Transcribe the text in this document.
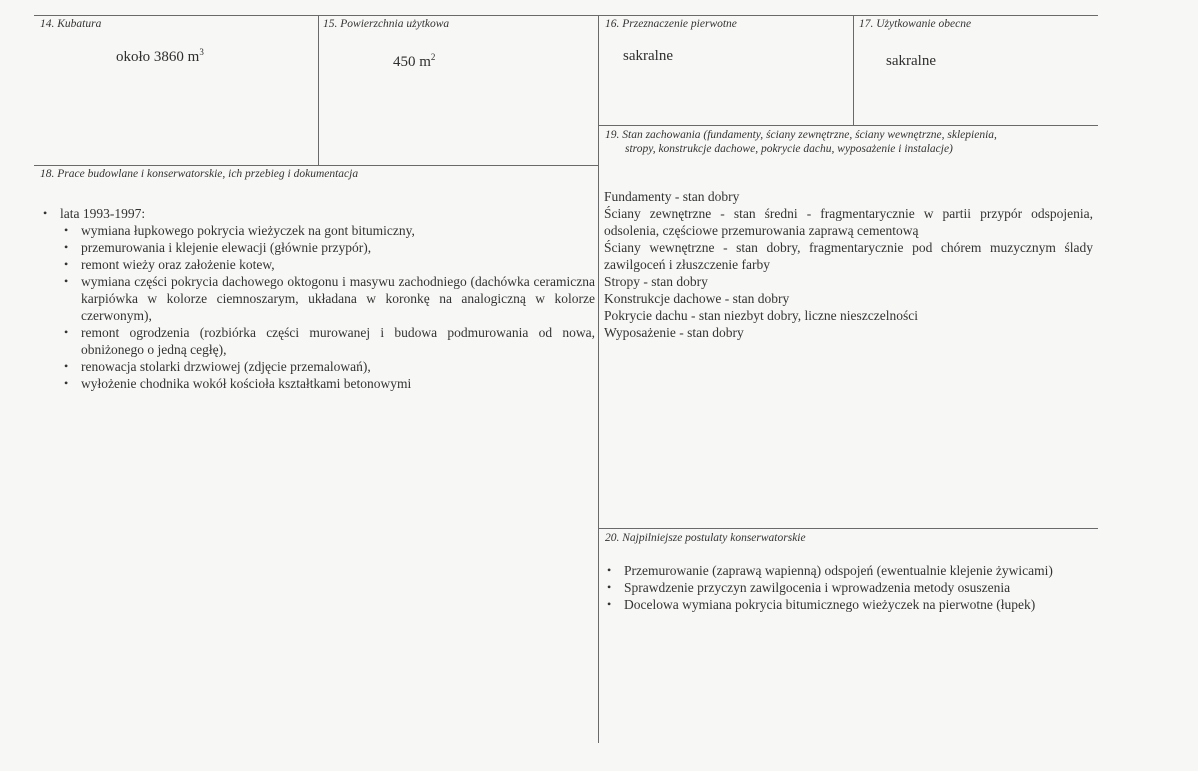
14. Kubatura
około 3860 $m^3$
15. Powierzchnia użytkowa
450 $m^2$
16. Przeznaczenie pierwotne
sakralne
17. Użytkowanie obecne
sakralne
18. Prace budowlane i konserwatorskie, ich przebieg i dokumentacja
• lata 1993-1997:
• wymiana łupkowego pokrycia wieżyczek na gont bitumiczny,
• przemurowania i klejenie elewacji (głównie przypór),
• remont wieży oraz założenie kotew,
• wymiana części pokrycia dachowego oktogonu i masywu zachodniego (dachówka ceramiczna karpiówka w kolorze ciemnoszarym, układana w koronkę na analogiczną w kolorze czerwonym),
• remont ogrodzenia (rozbiórka części murowanej i budowa podmurowania od nowa, obniżonego o jedną cegłę),
• renowacja stolarki drzwiowej (zdjęcie przemalowań),
• wyłożenie chodnika wokół kościoła kształtkami betonowymi
19. Stan zachowania (fundamenty, ściany zewnętrzne, ściany wewnętrzne, sklepienia,
stropy, konstrukcje dachowe, pokrycie dachu, wyposażenie i instalacje)
Fundamenty - stan dobry
Ściany zewnętrzne - stan średni - fragmentarycznie w partii przypór odspojenia, odsolenia, częściowe przemurowania zaprawą cementową
Ściany wewnętrzne - stan dobry, fragmentarycznie pod chórem muzycznym ślady zawilgoceń i złuszczenie farby
Stropy - stan dobry
Konstrukcje dachowe - stan dobry
Pokrycie dachu - stan niezbyt dobry, liczne nieszczelności
Wyposażenie - stan dobry
20. Najpilniejsze postulaty konserwatorskie
• Przemurowanie (zaprawą wapienną) odspojeń (ewentualnie klejenie żywicami)
• Sprawdzenie przyczyn zawilgocenia i wprowadzenia metody osuszenia
• Docelowa wymiana pokrycia bitumicznego wieżyczek na pierwotne (łupek)
